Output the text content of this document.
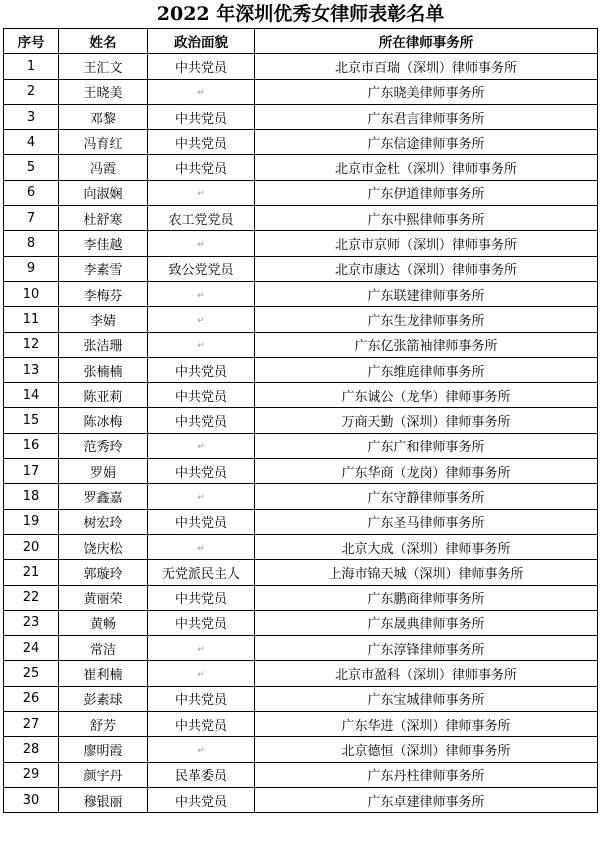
2022 年深圳优秀女律师表彰名单
序号	姓名	政治面貌	所在律师事务所
1	王汇文	中共党员	北京市百瑞（深圳）律师事务所
2	王晓美	↵	广东晓美律师事务所
3	邓黎	中共党员	广东君言律师事务所
4	冯育红	中共党员	广东信途律师事务所
5	冯霞	中共党员	北京市金杜（深圳）律师事务所
6	向淑娴	↵	广东伊道律师事务所
7	杜舒寒	农工党党员	广东中熙律师事务所
8	李佳越	↵	北京市京师（深圳）律师事务所
9	李素雪	致公党党员	北京市康达（深圳）律师事务所
10	李梅芬	↵	广东联建律师事务所
11	李婧	↵	广东生龙律师事务所
12	张洁珊	↵	广东亿张箭袖律师事务所
13	张楠楠	中共党员	广东维庭律师事务所
14	陈亚莉	中共党员	广东诚公（龙华）律师事务所
15	陈冰梅	中共党员	万商天勤（深圳）律师事务所
16	范秀玲	↵	广东广和律师事务所
17	罗娟	中共党员	广东华商（龙岗）律师事务所
18	罗鑫嘉	↵	广东守静律师事务所
19	树宏玲	中共党员	广东圣马律师事务所
20	饶庆松	↵	北京大成（深圳）律师事务所
21	郭璇玲	无党派民主人	上海市锦天城（深圳）律师事务所
22	黄丽荣	中共党员	广东鹏商律师事务所
23	黄畅	中共党员	广东晟典律师事务所
24	常洁	↵	广东淳锋律师事务所
25	崔利楠	↵	北京市盈科（深圳）律师事务所
26	彭素球	中共党员	广东宝城律师事务所
27	舒芳	中共党员	广东华进（深圳）律师事务所
28	廖明霞	↵	北京德恒（深圳）律师事务所
29	颜宇丹	民革委员	广东丹柱律师事务所
30	穆银丽	中共党员	广东卓建律师事务所
